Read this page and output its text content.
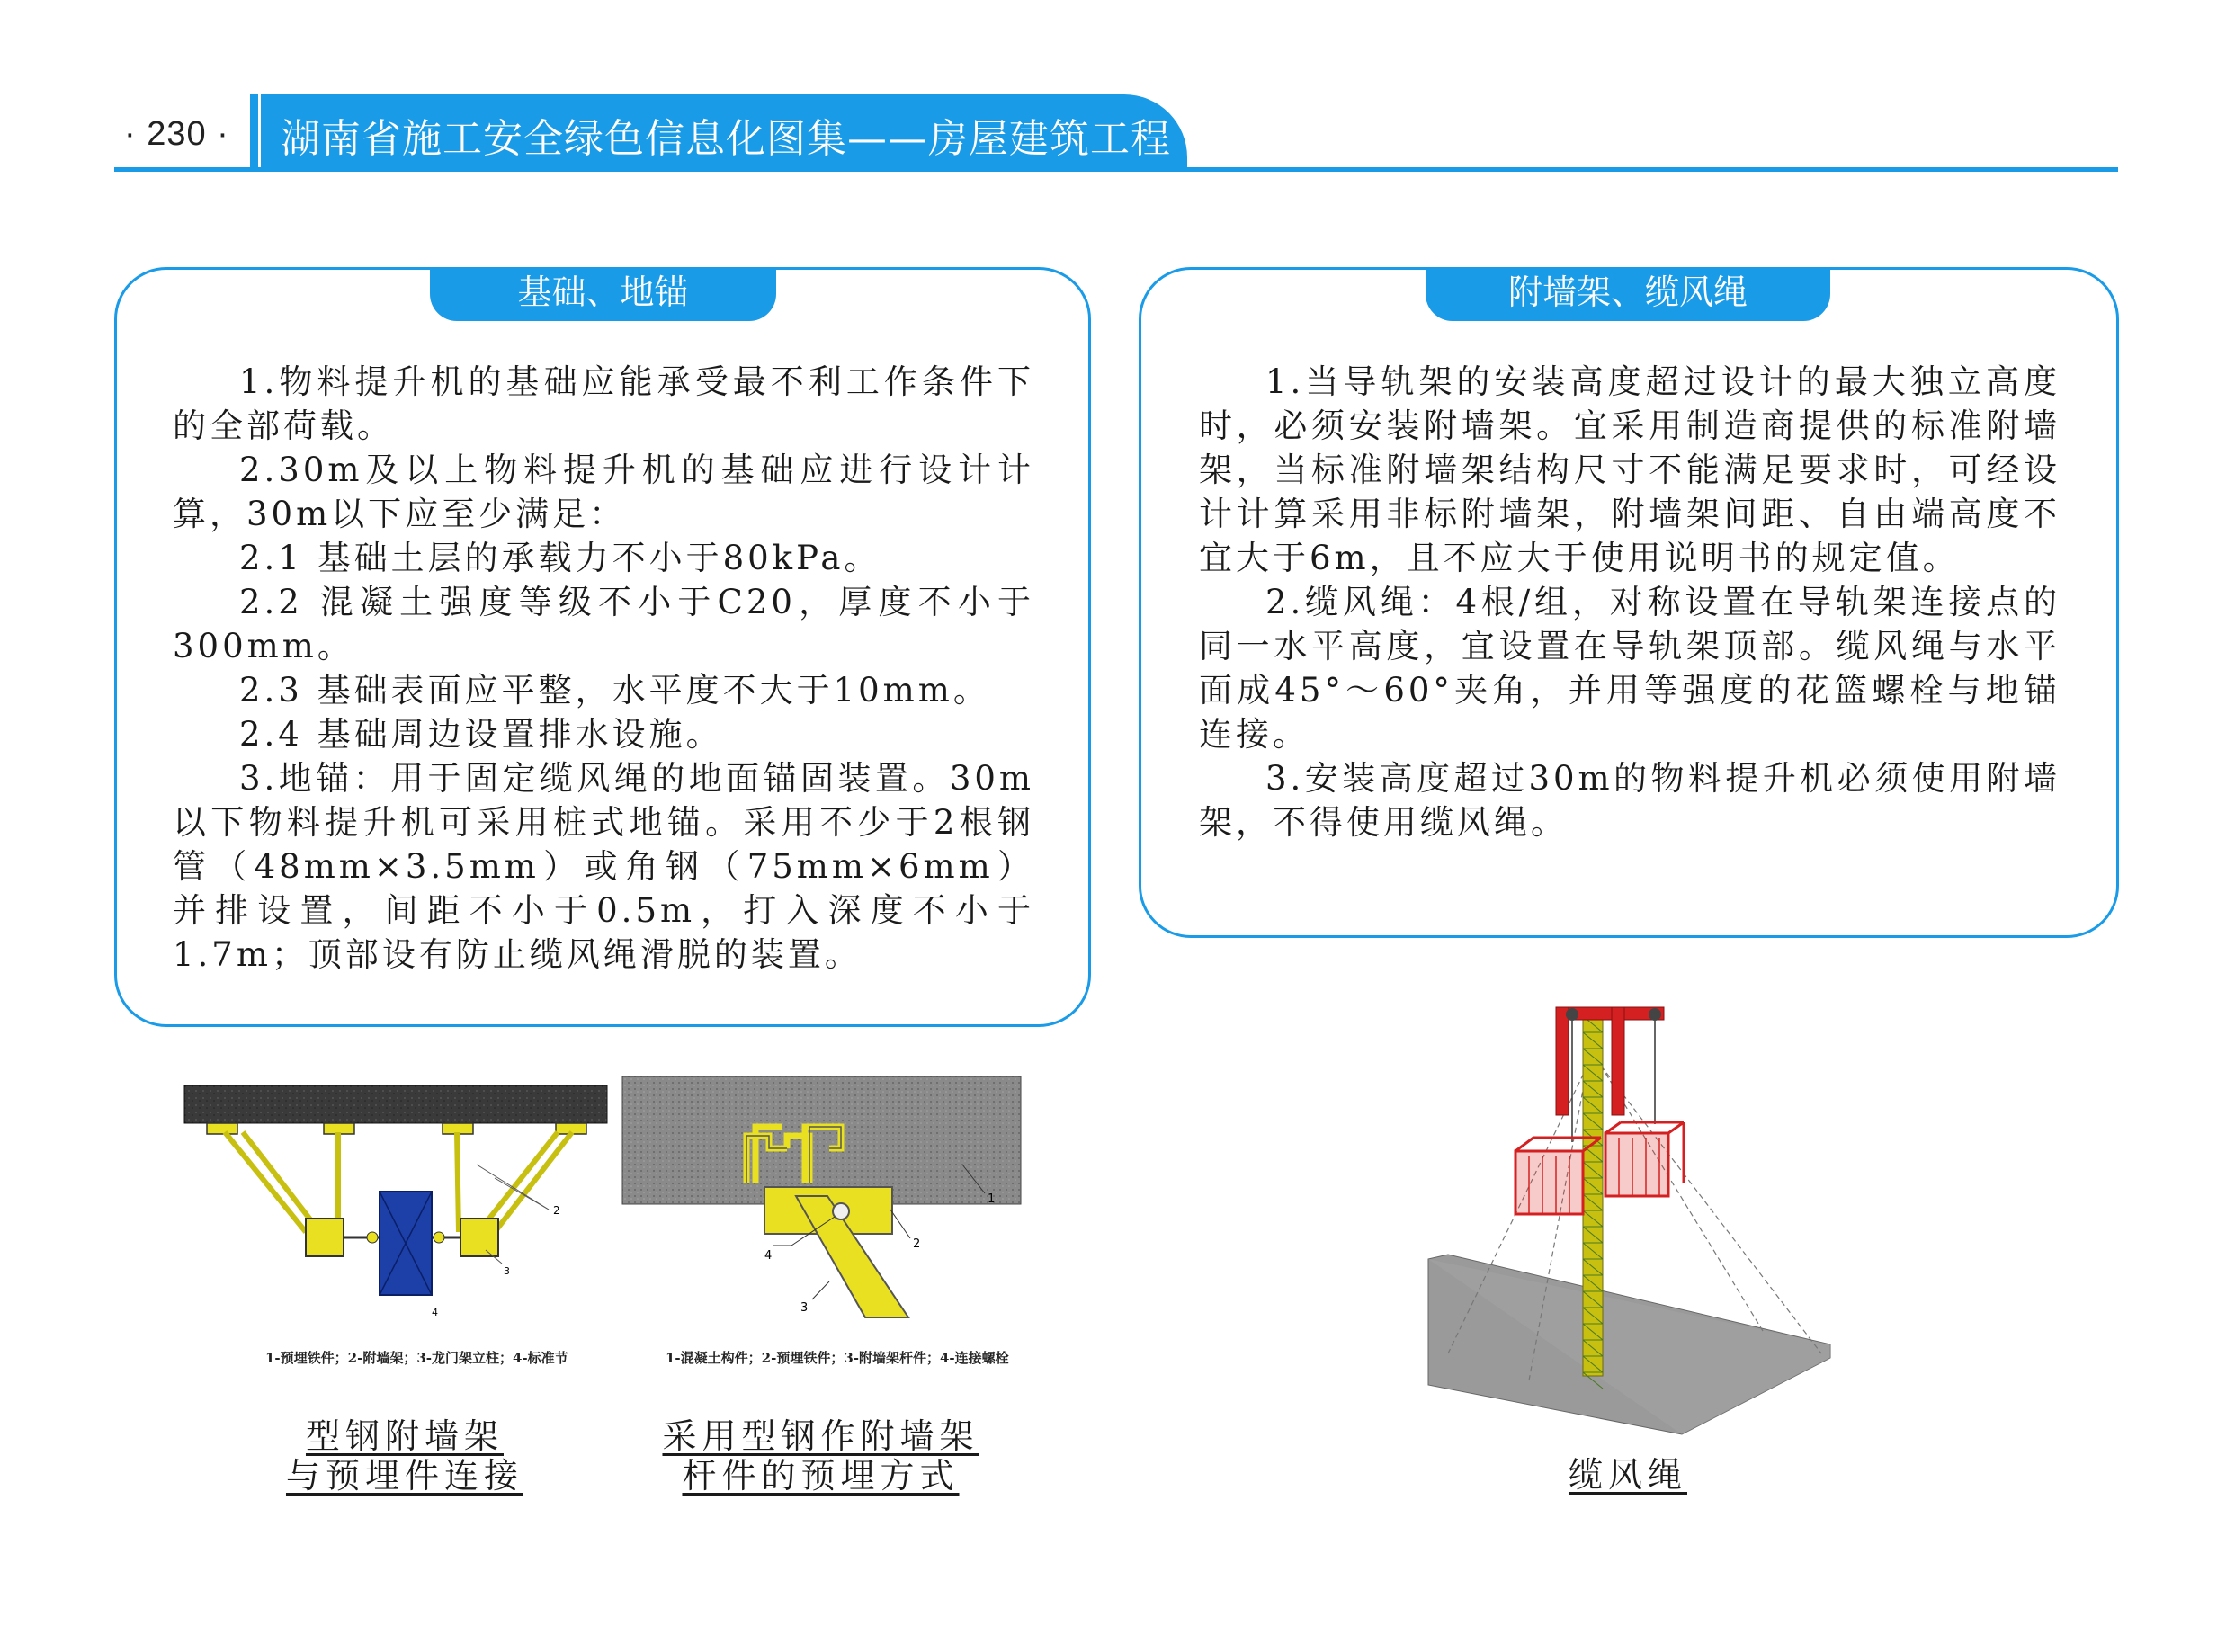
· 230 · 湖南省施工安全绿色信息化图集——房屋建筑工程
基础、地锚

1.物料提升机的基础应能承受最不利工作条件下的全部荷载。

2.30m及以上物料提升机的基础应进行设计计算，30m以下应至少满足：

2.1 基础土层的承载力不小于80kPa。

2.2 混凝土强度等级不小于C20，厚度不小于300mm。

2.3 基础表面应平整，水平度不大于10mm。

2.4 基础周边设置排水设施。

3.地锚：用于固定缆风绳的地面锚固装置。30m以下物料提升机可采用桩式地锚。采用不少于2根钢管（48mm×3.5mm）或角钢（75mm×6mm）并排设置，间距不小于0.5m，打入深度不小于1.7m；顶部设有防止缆风绳滑脱的装置。

附墙架、缆风绳

1.当导轨架的安装高度超过设计的最大独立高度时，必须安装附墙架。宜采用制造商提供的标准附墙架，当标准附墙架结构尺寸不能满足要求时，可经设计计算采用非标附墙架，附墙架间距、自由端高度不宜大于6m，且不应大于使用说明书的规定值。

2.缆风绳：4根/组，对称设置在导轨架连接点的同一水平高度，宜设置在导轨架顶部。缆风绳与水平面成45°～60°夹角，并用等强度的花篮螺栓与地锚连接。

3.安装高度超过30m的物料提升机必须使用附墙架，不得使用缆风绳。

2
3
4
1-预埋铁件；2-附墙架；3-龙门架立柱；4-标准节
型钢附墙架
与预埋件连接
1
2
3
4
1-混凝土构件；2-预埋铁件；3-附墙架杆件；4-连接螺栓
采用型钢作附墙架
杆件的预埋方式	缆风绳
